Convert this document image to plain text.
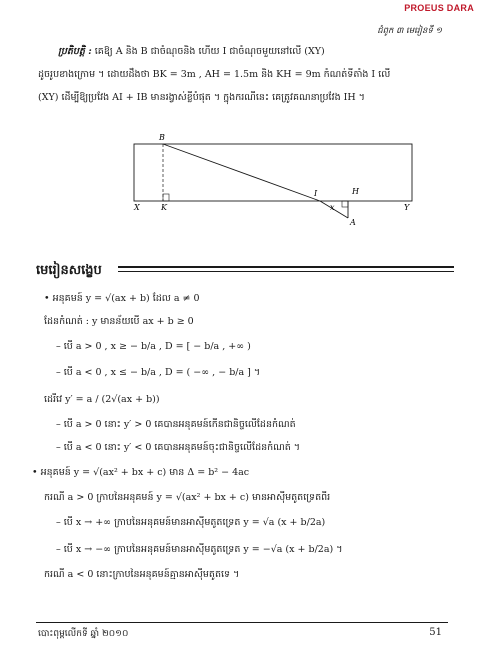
PROEUS DARA
ជំពូក ៣ មេរៀនទី ១
ប្រតិបត្តិ : គេឱ្យ A និង B ជាចំណុចនិង ហើយ I ជាចំណុចមួយនៅលើ (XY)
ដូចរូបខាងក្រោម ។ ដោយដឹងថា BK = 3m , AH = 1.5m និង KH = 9m កំណត់ទីតាំង I លើ
(XY) ដើម្បីឱ្យប្រវែង AI + IB មានរង្វាស់ខ្លីបំផុត ។ ក្នុងករណីនេះ គេត្រូវគណនាប្រវែង IH ។
B
X	K
I	H
x	Y
A
មេរៀនសង្ខេប
• អនុគមន៍ y = √(ax + b) ដែល a ≠ 0
ដែនកំណត់ : y មានន័យបើ ax + b ≥ 0
– បើ a > 0 , x ≥ − b/a , D = [ − b/a , +∞ )
– បើ a < 0 , x ≤ − b/a , D = ( −∞ , − b/a ] ។
ដេរីវេ y′ = a / (2√(ax + b))
– បើ a > 0 នោះ y′ > 0 គេបានអនុគមន៍កើនជានិច្ចលើដែនកំណត់
– បើ a < 0 នោះ y′ < 0 គេបានអនុគមន៍ចុះជានិច្ចលើដែនកំណត់ ។
• អនុគមន៍ y = √(ax² + bx + c) មាន Δ = b² − 4ac
ករណី a > 0 ក្រាបនៃអនុគមន៍ y = √(ax² + bx + c) មានអាស៊ីមតូតទ្រេតពីរ
– បើ x → +∞ ក្រាបនៃអនុគមន៍មានអាស៊ីមតូតទ្រេត y = √a (x + b/2a)
– បើ x → −∞ ក្រាបនៃអនុគមន៍មានអាស៊ីមតូតទ្រេត y = −√a (x + b/2a) ។
ករណី a < 0 នោះក្រាបនៃអនុគមន៍គ្មានអាស៊ីមតូតទេ ។
បោះពុម្ពលើកទី ឆ្នាំ ២០១០	51
